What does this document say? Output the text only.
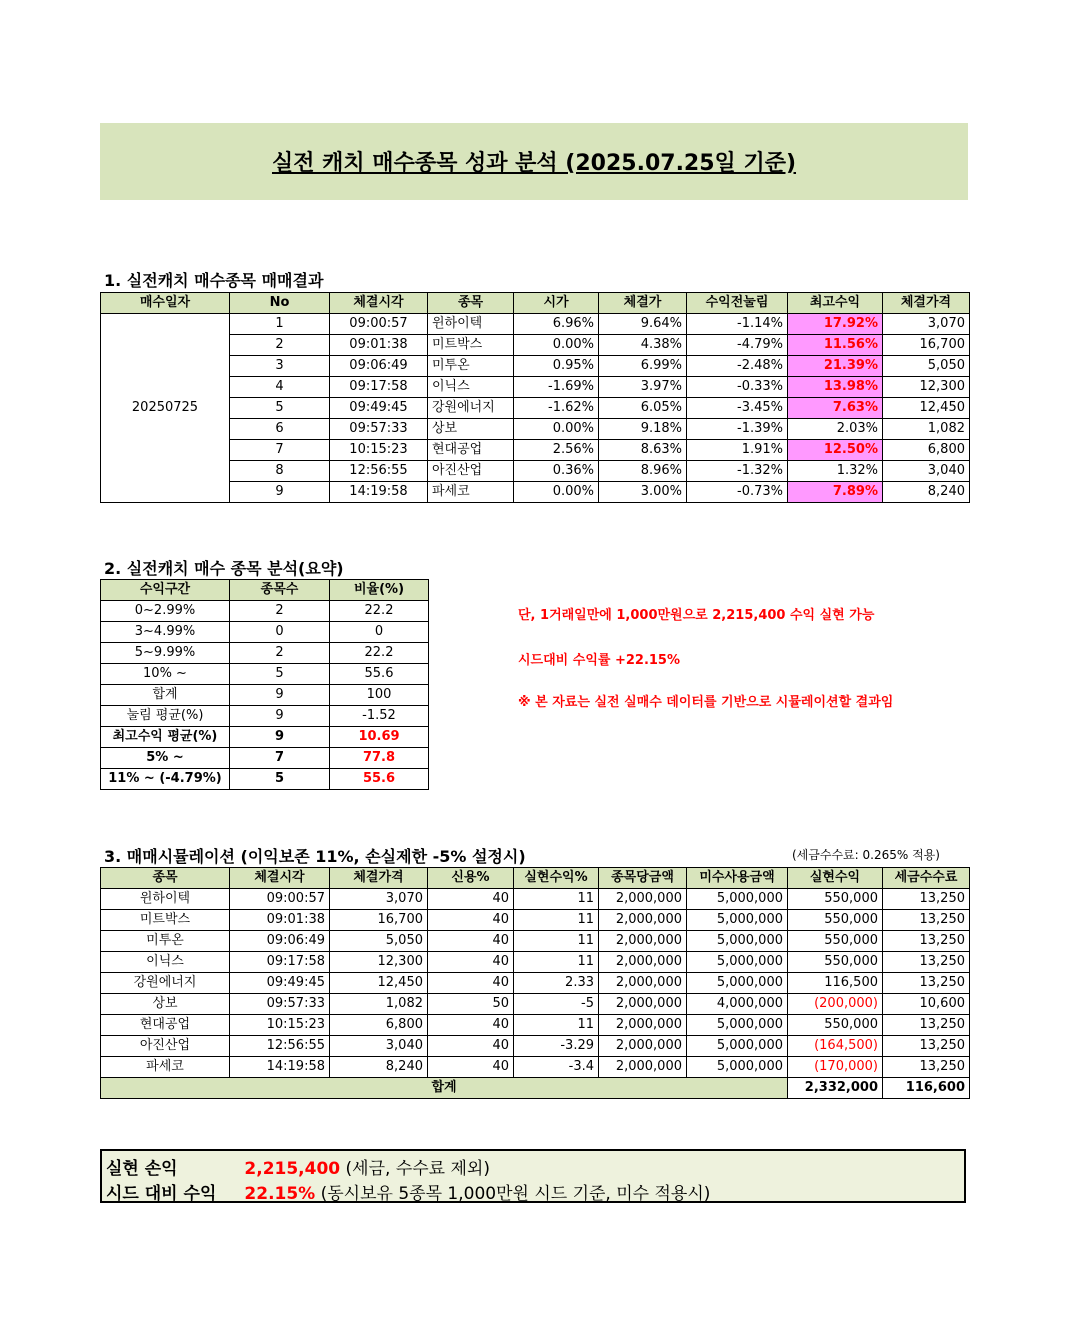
실전 캐치 매수종목 성과 분석 (2025.07.25일 기준)
1. 실전캐치 매수종목 매매결과
매수일자	No	체결시각	종목	시가	체결가	수익전눌림	최고수익	체결가격
20250725	1	09:00:57	윈하이텍	6.96%	9.64%	-1.14%	17.92%	3,070
	2	09:01:38	미트박스	0.00%	4.38%	-4.79%	11.56%	16,700
	3	09:06:49	미투온	0.95%	6.99%	-2.48%	21.39%	5,050
	4	09:17:58	이닉스	-1.69%	3.97%	-0.33%	13.98%	12,300
	5	09:49:45	강원에너지	-1.62%	6.05%	-3.45%	7.63%	12,450
	6	09:57:33	상보	0.00%	9.18%	-1.39%	2.03%	1,082
	7	10:15:23	현대공업	2.56%	8.63%	1.91%	12.50%	6,800
	8	12:56:55	아진산업	0.36%	8.96%	-1.32%	1.32%	3,040
	9	14:19:58	파세코	0.00%	3.00%	-0.73%	7.89%	8,240
2. 실전캐치 매수 종목 분석(요약)
수익구간	종목수	비율(%)
0~2.99%	2	22.2
3~4.99%	0	0
5~9.99%	2	22.2
10% ~	5	55.6
합계	9	100
눌림 평균(%)	9	-1.52
최고수익 평균(%)	9	10.69
5% ~	7	77.8
11% ~ (-4.79%)	5	55.6
단, 1거래일만에 1,000만원으로 2,215,400 수익 실현 가능
시드대비 수익률 +22.15%
※ 본 자료는 실전 실매수 데이터를 기반으로 시뮬레이션할 결과임
3. 매매시뮬레이션 (이익보존 11%, 손실제한 -5% 설정시)	(세금수수료: 0.265% 적용)
종목	체결시각	체결가격	신용%	실현수익%	종목당금액	미수사용금액	실현수익	세금수수료
윈하이텍	09:00:57	3,070	40	11	2,000,000	5,000,000	550,000	13,250
미트박스	09:01:38	16,700	40	11	2,000,000	5,000,000	550,000	13,250
미투온	09:06:49	5,050	40	11	2,000,000	5,000,000	550,000	13,250
이닉스	09:17:58	12,300	40	11	2,000,000	5,000,000	550,000	13,250
강원에너지	09:49:45	12,450	40	2.33	2,000,000	5,000,000	116,500	13,250
상보	09:57:33	1,082	50	-5	2,000,000	4,000,000	(200,000)	10,600
현대공업	10:15:23	6,800	40	11	2,000,000	5,000,000	550,000	13,250
아진산업	12:56:55	3,040	40	-3.29	2,000,000	5,000,000	(164,500)	13,250
파세코	14:19:58	8,240	40	-3.4	2,000,000	5,000,000	(170,000)	13,250
합계							2,332,000	116,600
실현 손익	2,215,400 (세금, 수수료 제외)
시드 대비 수익 22.15% (동시보유 5종목 1,000만원 시드 기준, 미수 적용시)
